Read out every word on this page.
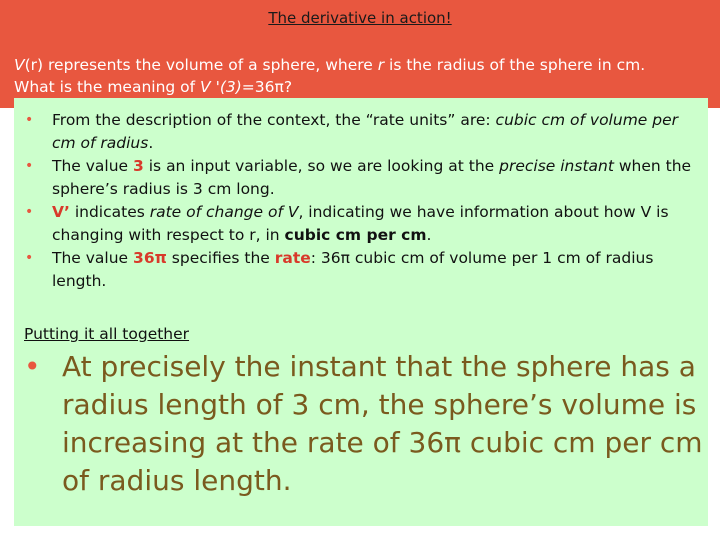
The derivative in action!
V(r) represents the volume of a sphere, where r is the radius of the sphere in cm.
What is the meaning of V '(3)=36π?
• From the description of the context, the “rate units” are: cubic cm of volume per cm of radius.
• The value 3 is an input variable, so we are looking at the precise instant when the sphere’s radius is 3 cm long.
• V’ indicates rate of change of V, indicating we have information about how V is changing with respect to r, in cubic cm per cm.
• The value 36π specifies the rate: 36π cubic cm of volume per 1 cm of radius length.
Putting it all together
• At precisely the instant that the sphere has a radius length of 3 cm, the sphere’s volume is increasing at the rate of 36π cubic cm per cm of radius length.
